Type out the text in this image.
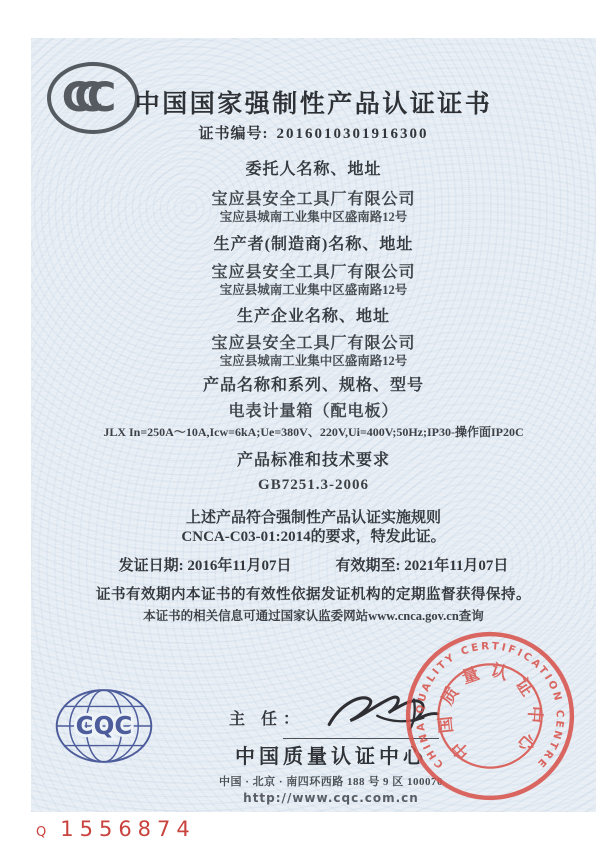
CCC	中国国家强制性产品认证证书
证书编号: 2016010301916300
委托人名称、地址
宝应县安全工具厂有限公司
宝应县城南工业集中区盛南路12号
生产者(制造商)名称、地址
宝应县安全工具厂有限公司
宝应县城南工业集中区盛南路12号
生产企业名称、地址
宝应县安全工具厂有限公司
宝应县城南工业集中区盛南路12号
产品名称和系列、规格、型号
电表计量箱（配电板）
JLX In=250A～10A,Icw=6kA;Ue=380V、220V,Ui=400V;50Hz;IP30-操作面IP20C
产品标准和技术要求
GB7251.3-2006
上述产品符合强制性产品认证实施规则
CNCA-C03-01:2014的要求，特发此证。
发证日期: 2016年11月07日	有效期至: 2021年11月07日
证书有效期内本证书的有效性依据发证机构的定期监督获得保持。
本证书的相关信息可通过国家认监委网站www.cnca.gov.cn查询
CQC	主 任：
中国质量认证中心
中国 · 北京 · 南四环西路 188 号 9 区 100070
http://www.cqc.com.cn
CHINA QUALITY CERTIFICATION CENTRE
中国质量认证中心
Q 1556874
